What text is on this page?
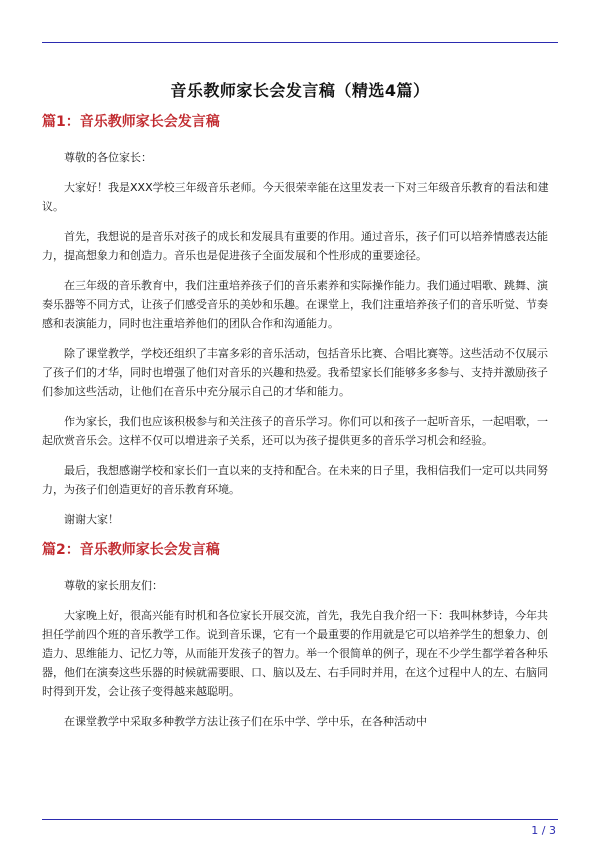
音乐教师家长会发言稿（精选4篇）
篇1：音乐教师家长会发言稿

尊敬的各位家长：

大家好！我是XXX学校三年级音乐老师。今天很荣幸能在这里发表一下对三年级音乐教育的看法和建议。

首先，我想说的是音乐对孩子的成长和发展具有重要的作用。通过音乐，孩子们可以培养情感表达能力，提高想象力和创造力。音乐也是促进孩子全面发展和个性形成的重要途径。

在三年级的音乐教育中，我们注重培养孩子们的音乐素养和实际操作能力。我们通过唱歌、跳舞、演奏乐器等不同方式，让孩子们感受音乐的美妙和乐趣。在课堂上，我们注重培养孩子们的音乐听觉、节奏感和表演能力，同时也注重培养他们的团队合作和沟通能力。

除了课堂教学，学校还组织了丰富多彩的音乐活动，包括音乐比赛、合唱比赛等。这些活动不仅展示了孩子们的才华，同时也增强了他们对音乐的兴趣和热爱。我希望家长们能够多多参与、支持并激励孩子们参加这些活动，让他们在音乐中充分展示自己的才华和能力。

作为家长，我们也应该积极参与和关注孩子的音乐学习。你们可以和孩子一起听音乐，一起唱歌，一起欣赏音乐会。这样不仅可以增进亲子关系，还可以为孩子提供更多的音乐学习机会和经验。

最后，我想感谢学校和家长们一直以来的支持和配合。在未来的日子里，我相信我们一定可以共同努力，为孩子们创造更好的音乐教育环境。

谢谢大家！

篇2：音乐教师家长会发言稿

尊敬的家长朋友们：

大家晚上好，很高兴能有时机和各位家长开展交流，首先，我先自我介绍一下：我叫林梦诗，今年共担任学前四个班的音乐教学工作。说到音乐课，它有一个最重要的作用就是它可以培养学生的想象力、创造力、思维能力、记忆力等，从而能开发孩子的智力。举一个很简单的例子，现在不少学生都学着各种乐器，他们在演奏这些乐器的时候就需要眼、口、脑以及左、右手同时并用，在这个过程中人的左、右脑同时得到开发，会让孩子变得越来越聪明。

在课堂教学中采取多种教学方法让孩子们在乐中学、学中乐，在各种活动中

1 / 3
